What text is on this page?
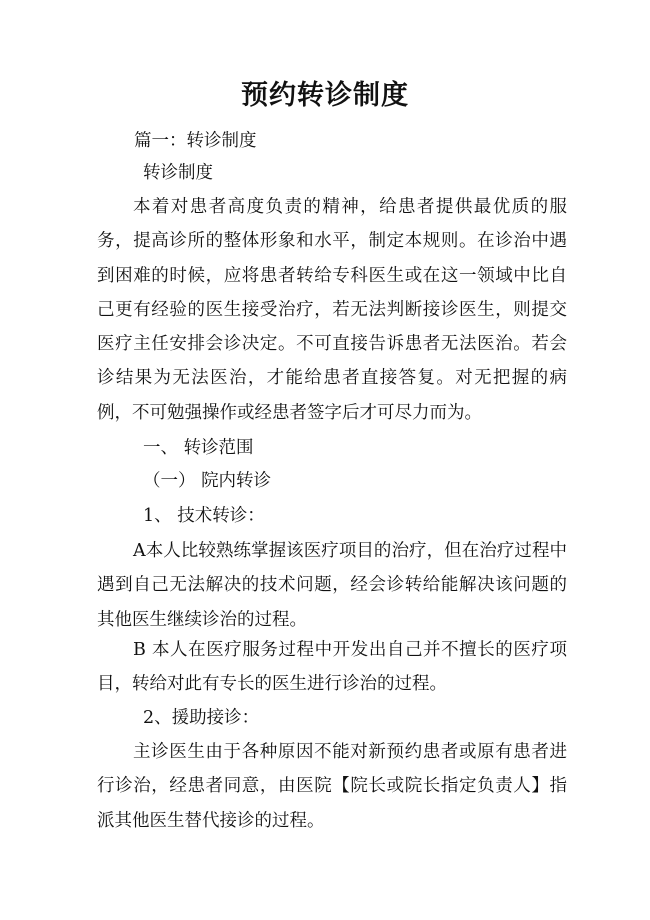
预约转诊制度

篇一：转诊制度

转诊制度

本着对患者高度负责的精神，给患者提供最优质的服务，提高诊所的整体形象和水平，制定本规则。在诊治中遇到困难的时候，应将患者转给专科医生或在这一领域中比自己更有经验的医生接受治疗，若无法判断接诊医生，则提交医疗主任安排会诊决定。不可直接告诉患者无法医治。若会诊结果为无法医治，才能给患者直接答复。对无把握的病例，不可勉强操作或经患者签字后才可尽力而为。

一、 转诊范围

（一） 院内转诊

1、 技术转诊：

A本人比较熟练掌握该医疗项目的治疗，但在治疗过程中遇到自己无法解决的技术问题，经会诊转给能解决该问题的其他医生继续诊治的过程。

B 本人在医疗服务过程中开发出自己并不擅长的医疗项目，转给对此有专长的医生进行诊治的过程。

2、援助接诊：

主诊医生由于各种原因不能对新预约患者或原有患者进行诊治，经患者同意，由医院【院长或院长指定负责人】指派其他医生替代接诊的过程。
